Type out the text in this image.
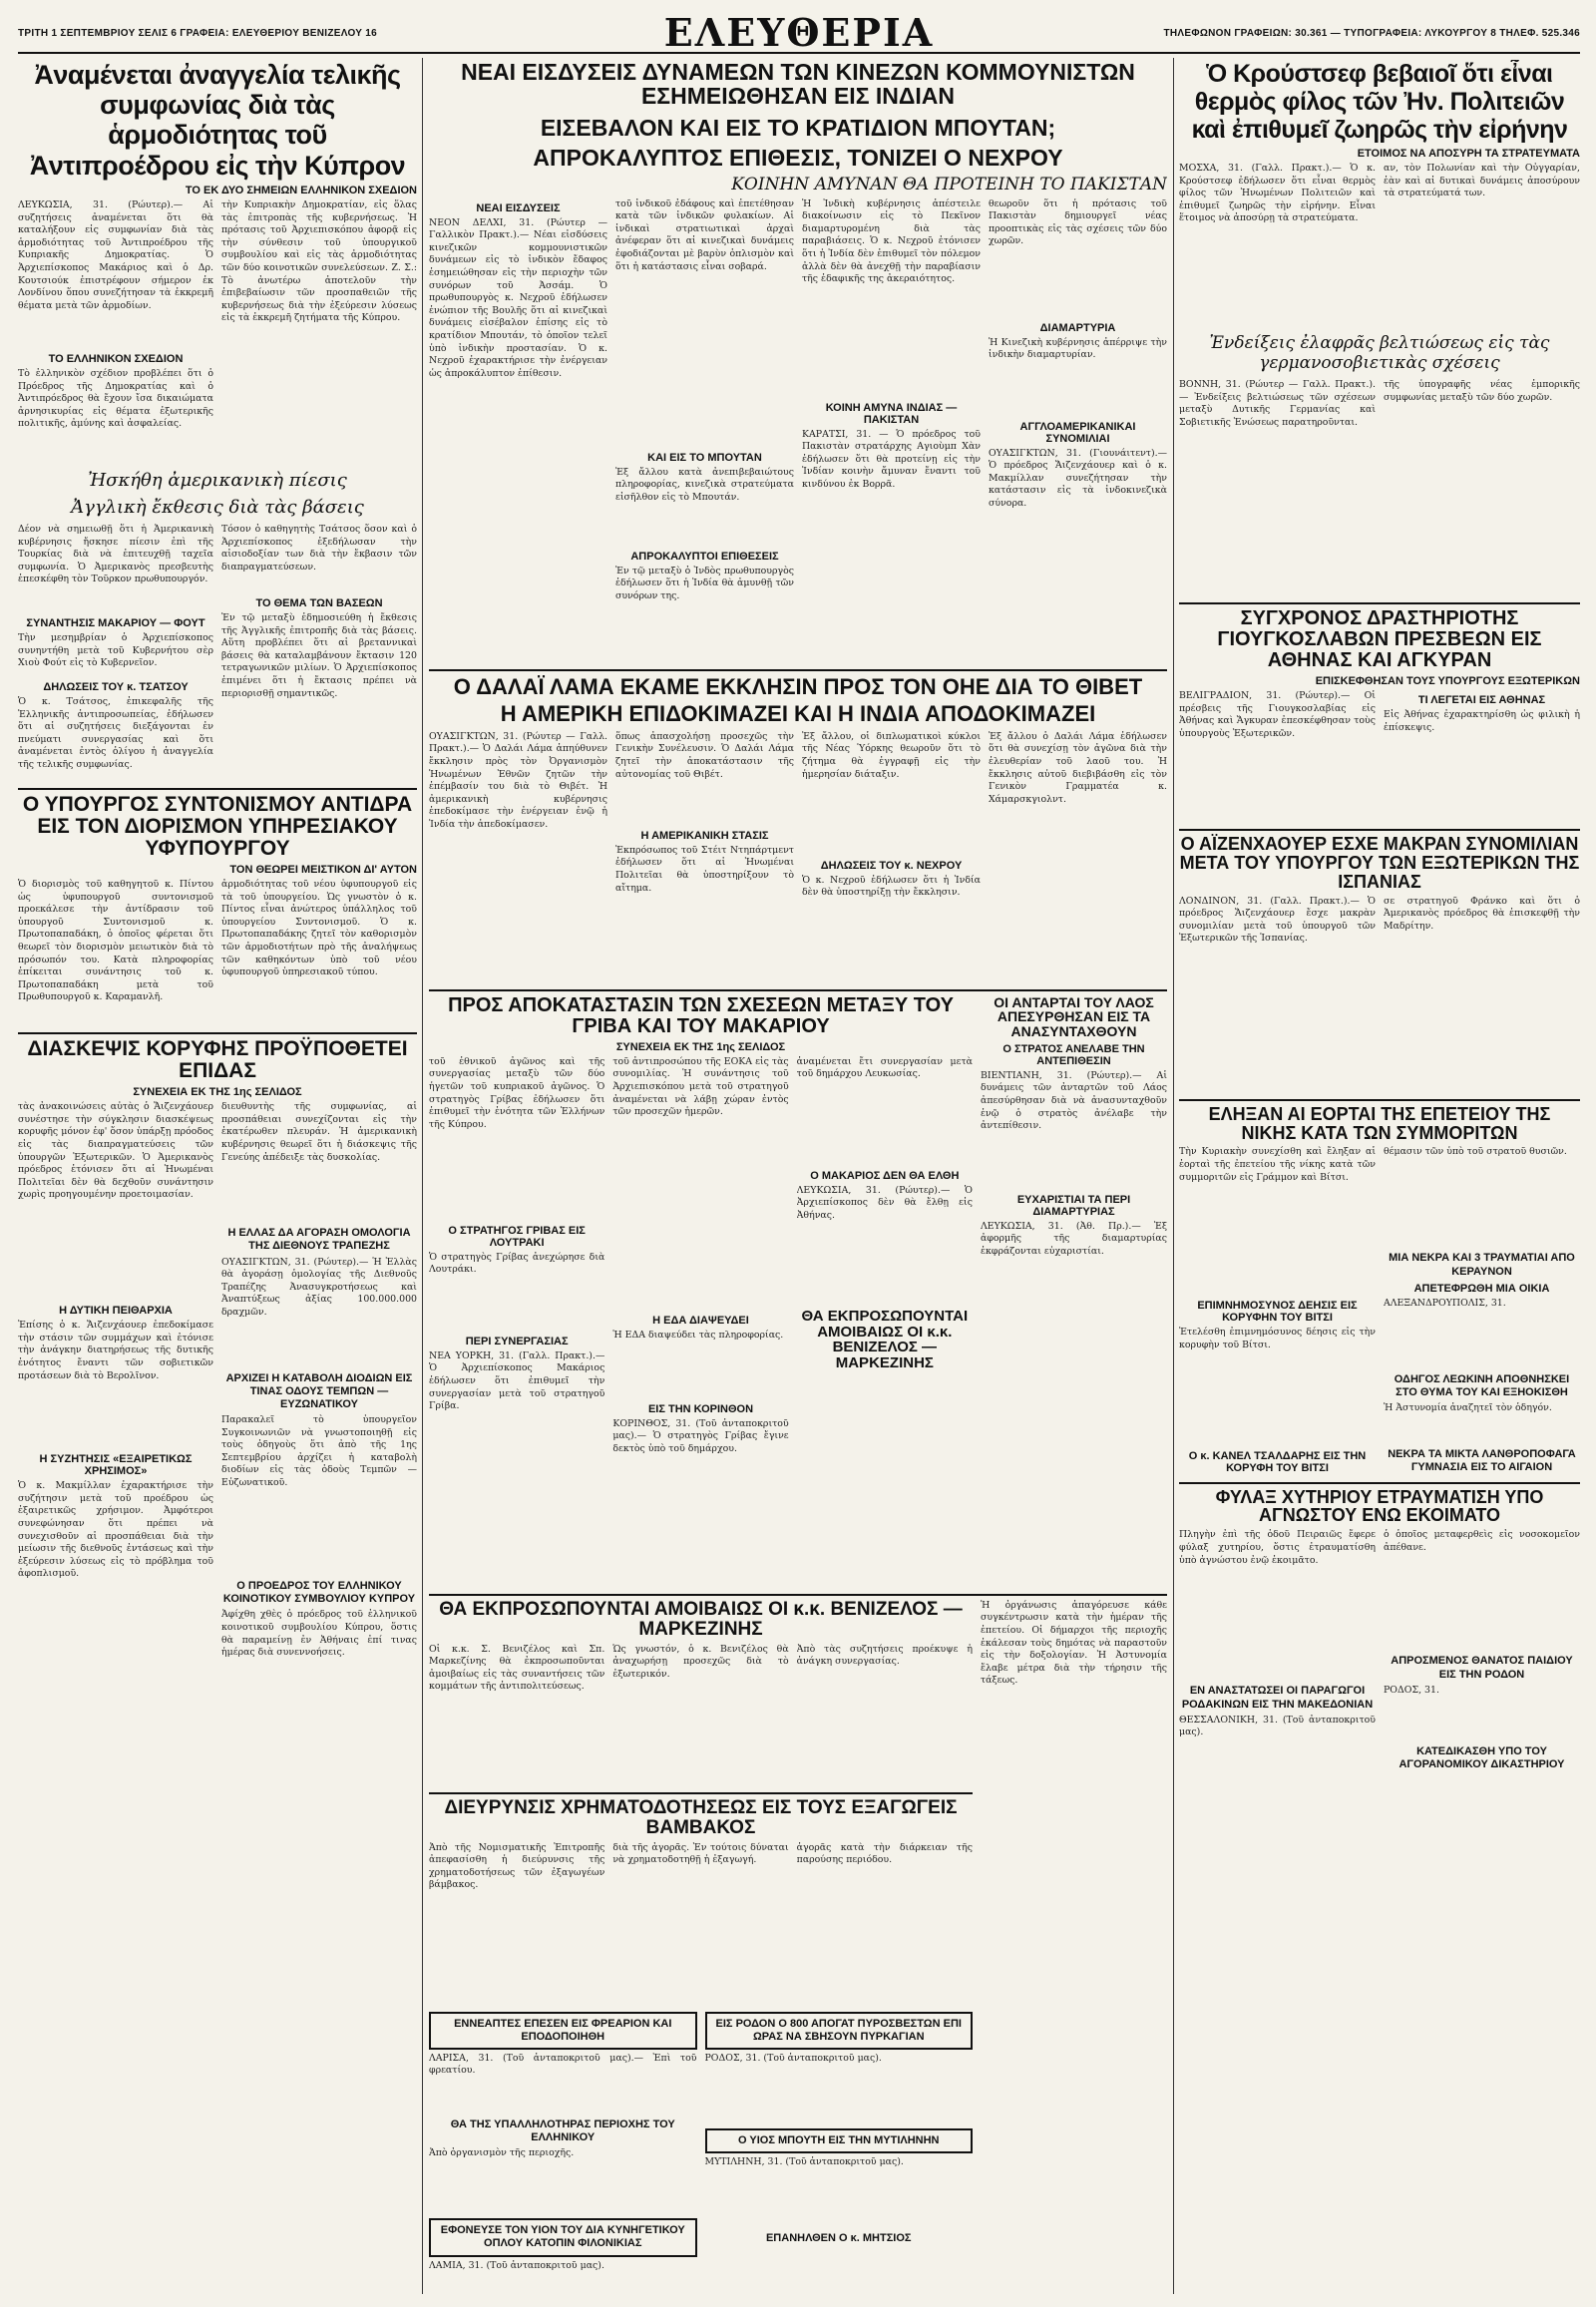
ΤΡΙΤΗ 1 ΣΕΠΤΕΜΒΡΙΟΥ ΣΕΛΙΣ 6 ΓΡΑΦΕΙΑ: ΕΛΕΥΘΕΡΙΟΥ ΒΕΝΙΖΕΛΟΥ 16	ΕΛΕΥΘΕΡΙΑ	ΤΗΛΕΦΩΝΟΝ ΓΡΑΦΕΙΩΝ: 30.361 — ΤΥΠΟΓΡΑΦΕΙΑ: ΛΥΚΟΥΡΓΟΥ 8 ΤΗΛΕΦ. 525.346

Ἀναμένεται ἀναγγελία τελικῆς συμφωνίας διὰ τὰς ἁρμοδιότητας τοῦ Ἀντιπροέδρου εἰς τὴν Κύπρον

ΤΟ ΕΚ ΔΥΟ ΣΗΜΕΙΩΝ ΕΛΛΗΝΙΚΟΝ ΣΧΕΔΙΟΝ

ΛΕΥΚΩΣΙΑ, 31. (Ρώυτερ).— Αἱ συζητήσεις ἀναμένεται ὅτι θὰ καταλήξουν εἰς συμφωνίαν διὰ τὰς ἁρμοδιότητας τοῦ Ἀντιπροέδρου τῆς Κυπριακῆς Δημοκρατίας. Ὁ Ἀρχιεπίσκοπος Μακάριος καὶ ὁ Δρ. Κουτσιούκ ἐπιστρέφουν σήμερον ἐκ Λονδίνου ὅπου συνεζήτησαν τὰ ἐκκρεμῆ θέματα μετὰ τῶν ἁρμοδίων.

ΤΟ ΕΛΛΗΝΙΚΟΝ ΣΧΕΔΙΟΝ

Τὸ ἑλληνικὸν σχέδιον προβλέπει ὅτι ὁ Πρόεδρος τῆς Δημοκρατίας καὶ ὁ Ἀντιπρόεδρος θὰ ἔχουν ἴσα δικαιώματα ἀρνησικυρίας εἰς θέματα ἐξωτερικῆς πολιτικῆς, ἀμύνης καὶ ἀσφαλείας.

τὴν Κυπριακὴν Δημοκρατίαν, εἰς ὅλας τὰς ἐπιτροπὰς τῆς κυβερνήσεως. Ἡ πρότασις τοῦ Ἀρχιεπισκόπου ἀφορᾷ εἰς τὴν σύνθεσιν τοῦ ὑπουργικοῦ συμβουλίου καὶ εἰς τὰς ἀρμοδιότητας τῶν δύο κοινοτικῶν συνελεύσεων. Ζ. Σ.: Τὸ ἀνωτέρω ἀποτελοῦν τὴν ἐπιβεβαίωσιν τῶν προσπαθειῶν τῆς κυβερνήσεως διὰ τὴν ἐξεύρεσιν λύσεως εἰς τὰ ἐκκρεμῆ ζητήματα τῆς Κύπρου.

Ἠσκήθη ἀμερικανικὴ πίεσις

Ἀγγλικὴ ἔκθεσις διὰ τὰς βάσεις

Δέον νὰ σημειωθῇ ὅτι ἡ Ἀμερικανικὴ κυβέρνησις ἤσκησε πίεσιν ἐπὶ τῆς Τουρκίας διὰ νὰ ἐπιτευχθῇ ταχεῖα συμφωνία. Ὁ Ἀμερικανὸς πρεσβευτὴς ἐπεσκέφθη τὸν Τοῦρκον πρωθυπουργόν.

ΣΥΝΑΝΤΗΣΙΣ ΜΑΚΑΡΙΟΥ — ΦΟΥΤ

Τὴν μεσημβρίαν ὁ Ἀρχιεπίσκοπος συνηντήθη μετὰ τοῦ Κυβερνήτου σὲρ Χιοὺ Φούτ εἰς τὸ Κυβερνεῖον.

ΔΗΛΩΣΕΙΣ ΤΟΥ κ. ΤΣΑΤΣΟΥ

Ὁ κ. Τσάτσος, ἐπικεφαλῆς τῆς Ἑλληνικῆς ἀντιπροσωπείας, ἐδήλωσεν ὅτι αἱ συζητήσεις διεξάγονται ἐν πνεύματι συνεργασίας καὶ ὅτι ἀναμένεται ἐντὸς ὀλίγου ἡ ἀναγγελία τῆς τελικῆς συμφωνίας.

Τόσον ὁ καθηγητὴς Τσάτσος ὅσον καὶ ὁ Ἀρχιεπίσκοπος ἐξεδήλωσαν τὴν αἰσιοδοξίαν των διὰ τὴν ἔκβασιν τῶν διαπραγματεύσεων.

ΤΟ ΘΕΜΑ ΤΩΝ ΒΑΣΕΩΝ

Ἐν τῷ μεταξὺ ἐδημοσιεύθη ἡ ἔκθεσις τῆς Ἀγγλικῆς ἐπιτροπῆς διὰ τὰς βάσεις. Αὕτη προβλέπει ὅτι αἱ βρεταννικαὶ βάσεις θὰ καταλαμβάνουν ἔκτασιν 120 τετραγωνικῶν μιλίων. Ὁ Ἀρχιεπίσκοπος ἐπιμένει ὅτι ἡ ἔκτασις πρέπει νὰ περιορισθῇ σημαντικῶς.

Ο ΥΠΟΥΡΓΟΣ ΣΥΝΤΟΝΙΣΜΟΥ ΑΝΤΙΔΡΑ ΕΙΣ ΤΟΝ ΔΙΟΡΙΣΜΟΝ ΥΠΗΡΕΣΙΑΚΟΥ ΥΦΥΠΟΥΡΓΟΥ

ΤΟΝ ΘΕΩΡΕΙ ΜΕΙΣΤΙΚΟΝ ΔΙ' ΑΥΤΟΝ

Ὁ διορισμὸς τοῦ καθηγητοῦ κ. Πίντου ὡς ὑφυπουργοῦ συντονισμοῦ προεκάλεσε τὴν ἀντίδρασιν τοῦ ὑπουργοῦ Συντονισμοῦ κ. Πρωτοπαπαδάκη, ὁ ὁποῖος φέρεται ὅτι θεωρεῖ τὸν διορισμὸν μειωτικὸν διὰ τὸ πρόσωπόν του. Κατὰ πληροφορίας ἐπίκειται συνάντησις τοῦ κ. Πρωτοπαπαδάκη μετὰ τοῦ Πρωθυπουργοῦ κ. Καραμανλῆ.

ἀρμοδιότητας τοῦ νέου ὑφυπουργοῦ εἰς τὰ τοῦ ὑπουργείου. Ὡς γνωστὸν ὁ κ. Πίντος εἶναι ἀνώτερος ὑπάλληλος τοῦ ὑπουργείου Συντονισμοῦ. Ὁ κ. Πρωτοπαπαδάκης ζητεῖ τὸν καθορισμὸν τῶν ἀρμοδιοτήτων πρὸ τῆς ἀναλήψεως τῶν καθηκόντων ὑπὸ τοῦ νέου ὑφυπουργοῦ ὑπηρεσιακοῦ τύπου.

ΔΙΑΣΚΕΨΙΣ ΚΟΡΥΦΗΣ ΠΡΟΫΠΟΘΕΤΕΙ ΕΠΙΔΑΣ

ΣΥΝΕΧΕΙΑ ΕΚ ΤΗΣ 1ης ΣΕΛΙΔΟΣ

τὰς ἀνακοινώσεις αὐτὰς ὁ Ἄιζενχάουερ συνέστησε τὴν σύγκλησιν διασκέψεως κορυφῆς μόνον ἐφ' ὅσον ὑπάρξῃ πρόοδος εἰς τὰς διαπραγματεύσεις τῶν ὑπουργῶν Ἐξωτερικῶν. Ὁ Ἀμερικανὸς πρόεδρος ἐτόνισεν ὅτι αἱ Ἡνωμέναι Πολιτεῖαι δὲν θὰ δεχθοῦν συνάντησιν χωρὶς προηγουμένην προετοιμασίαν.

Η ΔΥΤΙΚΗ ΠΕΙΘΑΡΧΙΑ

Ἐπίσης ὁ κ. Ἄιζενχάουερ ἐπεδοκίμασε τὴν στάσιν τῶν συμμάχων καὶ ἐτόνισε τὴν ἀνάγκην διατηρήσεως τῆς δυτικῆς ἑνότητος ἔναντι τῶν σοβιετικῶν προτάσεων διὰ τὸ Βερολῖνον.

Η ΣΥΖΗΤΗΣΙΣ «ΕΞΑΙΡΕΤΙΚΩΣ ΧΡΗΣΙΜΟΣ»

Ὁ κ. Μακμίλλαν ἐχαρακτήρισε τὴν συζήτησιν μετὰ τοῦ προέδρου ὡς ἐξαιρετικῶς χρήσιμον. Ἀμφότεροι συνεφώνησαν ὅτι πρέπει νὰ συνεχισθοῦν αἱ προσπάθειαι διὰ τὴν μείωσιν τῆς διεθνοῦς ἐντάσεως καὶ τὴν ἐξεύρεσιν λύσεως εἰς τὸ πρόβλημα τοῦ ἀφοπλισμοῦ.

διευθυντὴς τῆς συμφωνίας, αἱ προσπάθειαι συνεχίζονται εἰς τὴν ἑκατέρωθεν πλευράν. Ἡ ἀμερικανικὴ κυβέρνησις θεωρεῖ ὅτι ἡ διάσκεψις τῆς Γενεύης ἀπέδειξε τὰς δυσκολίας.

Η ΕΛΛΑΣ ΔΑ ΑΓΟΡΑΣΗ ΟΜΟΛΟΓΙΑ ΤΗΣ ΔΙΕΘΝΟΥΣ ΤΡΑΠΕΖΗΣ

ΟΥΑΣΙΓΚΤΩΝ, 31. (Ρώυτερ).— Ἡ Ἑλλὰς θὰ ἀγοράσῃ ὁμολογίας τῆς Διεθνοῦς Τραπέζης Ἀνασυγκροτήσεως καὶ Ἀναπτύξεως ἀξίας 100.000.000 δραχμῶν.

ΑΡΧΙΖΕΙ Η ΚΑΤΑΒΟΛΗ ΔΙΟΔΙΩΝ ΕΙΣ ΤΙΝΑΣ ΟΔΟΥΣ ΤΕΜΠΩΝ — ΕΥΖΩΝΑΤΙΚΟΥ

Παρακαλεῖ τὸ ὑπουργεῖον Συγκοινωνιῶν νὰ γνωστοποιηθῇ εἰς τοὺς ὁδηγοὺς ὅτι ἀπὸ τῆς 1ης Σεπτεμβρίου ἀρχίζει ἡ καταβολὴ διοδίων εἰς τὰς ὁδοὺς Τεμπῶν — Εὐζωνατικοῦ.

Ο ΠΡΟΕΔΡΟΣ ΤΟΥ ΕΛΛΗΝΙΚΟΥ ΚΟΙΝΟΤΙΚΟΥ ΣΥΜΒΟΥΛΙΟΥ ΚΥΠΡΟΥ

Ἀφίχθη χθὲς ὁ πρόεδρος τοῦ ἑλληνικοῦ κοινοτικοῦ συμβουλίου Κύπρου, ὅστις θὰ παραμείνῃ ἐν Ἀθήναις ἐπί τινας ἡμέρας διὰ συνεννοήσεις.

ΝΕΑΙ ΕΙΣΔΥΣΕΙΣ ΔΥΝΑΜΕΩΝ ΤΩΝ ΚΙΝΕΖΩΝ ΚΟΜΜΟΥΝΙΣΤΩΝ ΕΣΗΜΕΙΩΘΗΣΑΝ ΕΙΣ ΙΝΔΙΑΝ

ΕΙΣΕΒΑΛΟΝ ΚΑΙ ΕΙΣ ΤΟ ΚΡΑΤΙΔΙΟΝ ΜΠΟΥΤΑΝ;

ΑΠΡΟΚΑΛΥΠΤΟΣ ΕΠΙΘΕΣΙΣ, ΤΟΝΙΖΕΙ Ο ΝΕΧΡΟΥ

ΚΟΙΝΗΝ ΑΜΥΝΑΝ ΘΑ ΠΡΟΤΕΙΝΗ ΤΟ ΠΑΚΙΣΤΑΝ

ΝΕΑΙ ΕΙΣΔΥΣΕΙΣ

ΝΕΟΝ ΔΕΛΧΙ, 31. (Ρώυτερ — Γαλλικὸν Πρακτ.).— Νέαι εἰσδύσεις κινεζικῶν κομμουνιστικῶν δυνάμεων εἰς τὸ ἰνδικὸν ἔδαφος ἐσημειώθησαν εἰς τὴν περιοχὴν τῶν συνόρων τοῦ Ἀσσάμ. Ὁ πρωθυπουργὸς κ. Νεχροῦ ἐδήλωσεν ἐνώπιον τῆς Βουλῆς ὅτι αἱ κινεζικαὶ δυνάμεις εἰσέβαλον ἐπίσης εἰς τὸ κρατίδιον Μπουτάν, τὸ ὁποῖον τελεῖ ὑπὸ ἰνδικὴν προστασίαν. Ὁ κ. Νεχροῦ ἐχαρακτήρισε τὴν ἐνέργειαν ὡς ἀπροκάλυπτον ἐπίθεσιν.

τοῦ ἰνδικοῦ ἐδάφους καὶ ἐπετέθησαν κατὰ τῶν ἰνδικῶν φυλακίων. Αἱ ἰνδικαὶ στρατιωτικαὶ ἀρχαὶ ἀνέφεραν ὅτι αἱ κινεζικαὶ δυνάμεις ἐφοδιάζονται μὲ βαρὺν ὁπλισμὸν καὶ ὅτι ἡ κατάστασις εἶναι σοβαρά.

ΚΑΙ ΕΙΣ ΤΟ ΜΠΟΥΤΑΝ

Ἐξ ἄλλου κατὰ ἀνεπιβεβαιώτους πληροφορίας, κινεζικὰ στρατεύματα εἰσῆλθον εἰς τὸ Μπουτάν.

ΑΠΡΟΚΑΛΥΠΤΟΙ ΕΠΙΘΕΣΕΙΣ

Ἐν τῷ μεταξὺ ὁ Ἰνδὸς πρωθυπουργὸς ἐδήλωσεν ὅτι ἡ Ἰνδία θὰ ἀμυνθῇ τῶν συνόρων της.

Ἡ Ἰνδικὴ κυβέρνησις ἀπέστειλε διακοίνωσιν εἰς τὸ Πεκῖνον διαμαρτυρομένη διὰ τὰς παραβιάσεις. Ὁ κ. Νεχροῦ ἐτόνισεν ὅτι ἡ Ἰνδία δὲν ἐπιθυμεῖ τὸν πόλεμον ἀλλὰ δὲν θὰ ἀνεχθῇ τὴν παραβίασιν τῆς ἐδαφικῆς της ἀκεραιότητος.

ΚΟΙΝΗ ΑΜΥΝΑ ΙΝΔΙΑΣ — ΠΑΚΙΣΤΑΝ

ΚΑΡΑΤΣΙ, 31. — Ὁ πρόεδρος τοῦ Πακιστὰν στρατάρχης Αγιοὺμπ Χὰν ἐδήλωσεν ὅτι θὰ προτείνῃ εἰς τὴν Ἰνδίαν κοινὴν ἄμυναν ἔναντι τοῦ κινδύνου ἐκ Βορρᾶ.

θεωροῦν ὅτι ἡ πρότασις τοῦ Πακιστὰν δημιουργεῖ νέας προοπτικὰς εἰς τὰς σχέσεις τῶν δύο χωρῶν.

ΔΙΑΜΑΡΤΥΡΙΑ

Ἡ Κινεζικὴ κυβέρνησις ἀπέρριψε τὴν ἰνδικὴν διαμαρτυρίαν.

ΑΓΓΛΟΑΜΕΡΙΚΑΝΙΚΑΙ ΣΥΝΟΜΙΛΙΑΙ

ΟΥΑΣΙΓΚΤΩΝ, 31. (Γιουνάιτεντ).— Ὁ πρόεδρος Ἄιζενχάουερ καὶ ὁ κ. Μακμίλλαν συνεζήτησαν τὴν κατάστασιν εἰς τὰ ἰνδοκινεζικὰ σύνορα.

Ο ΔΑΛΑΪ ΛΑΜΑ ΕΚΑΜΕ ΕΚΚΛΗΣΙΝ ΠΡΟΣ ΤΟΝ ΟΗΕ ΔΙΑ ΤΟ ΘΙΒΕΤ

Η ΑΜΕΡΙΚΗ ΕΠΙΔΟΚΙΜΑΖΕΙ ΚΑΙ Η ΙΝΔΙΑ ΑΠΟΔΟΚΙΜΑΖΕΙ

ΟΥΑΣΙΓΚΤΩΝ, 31. (Ρώυτερ — Γαλλ. Πρακτ.).— Ὁ Δαλάι Λάμα ἀπηύθυνεν ἔκκλησιν πρὸς τὸν Ὀργανισμὸν Ἡνωμένων Ἐθνῶν ζητῶν τὴν ἐπέμβασίν του διὰ τὸ Θιβέτ. Ἡ ἀμερικανικὴ κυβέρνησις ἐπεδοκίμασε τὴν ἐνέργειαν ἐνῷ ἡ Ἰνδία τὴν ἀπεδοκίμασεν.

ὅπως ἀπασχολήσῃ προσεχῶς τὴν Γενικὴν Συνέλευσιν. Ὁ Δαλάι Λάμα ζητεῖ τὴν ἀποκατάστασιν τῆς αὐτονομίας τοῦ Θιβέτ.

Η ΑΜΕΡΙΚΑΝΙΚΗ ΣΤΑΣΙΣ

Ἐκπρόσωπος τοῦ Στέιτ Ντηπάρτμεντ ἐδήλωσεν ὅτι αἱ Ἡνωμέναι Πολιτεῖαι θὰ ὑποστηρίξουν τὸ αἴτημα.

Ἐξ ἄλλου, οἱ διπλωματικοὶ κύκλοι τῆς Νέας Ὑόρκης θεωροῦν ὅτι τὸ ζήτημα θὰ ἐγγραφῇ εἰς τὴν ἡμερησίαν διάταξιν.

ΔΗΛΩΣΕΙΣ ΤΟΥ κ. ΝΕΧΡΟΥ

Ὁ κ. Νεχροῦ ἐδήλωσεν ὅτι ἡ Ἰνδία δὲν θὰ ὑποστηρίξῃ τὴν ἔκκλησιν.

Ἐξ ἄλλου ὁ Δαλάι Λάμα ἐδήλωσεν ὅτι θὰ συνεχίσῃ τὸν ἀγῶνα διὰ τὴν ἐλευθερίαν τοῦ λαοῦ του. Ἡ ἔκκλησις αὐτοῦ διεβιβάσθη εἰς τὸν Γενικὸν Γραμματέα κ. Χάμαρσκγιολντ.

ΠΡΟΣ ΑΠΟΚΑΤΑΣΤΑΣΙΝ ΤΩΝ ΣΧΕΣΕΩΝ ΜΕΤΑΞΥ ΤΟΥ ΓΡΙΒΑ ΚΑΙ ΤΟΥ ΜΑΚΑΡΙΟΥ

ΣΥΝΕΧΕΙΑ ΕΚ ΤΗΣ 1ης ΣΕΛΙΔΟΣ

τοῦ ἐθνικοῦ ἀγῶνος καὶ τῆς συνεργασίας μεταξὺ τῶν δύο ἡγετῶν τοῦ κυπριακοῦ ἀγῶνος. Ὁ στρατηγὸς Γρίβας ἐδήλωσεν ὅτι ἐπιθυμεῖ τὴν ἑνότητα τῶν Ἑλλήνων τῆς Κύπρου.

Ο ΣΤΡΑΤΗΓΟΣ ΓΡΙΒΑΣ ΕΙΣ ΛΟΥΤΡΑΚΙ

Ὁ στρατηγὸς Γρίβας ἀνεχώρησε διὰ Λουτράκι.

ΠΕΡΙ ΣΥΝΕΡΓΑΣΙΑΣ

ΝΕΑ ΥΟΡΚΗ, 31. (Γαλλ. Πρακτ.).— Ὁ Ἀρχιεπίσκοπος Μακάριος ἐδήλωσεν ὅτι ἐπιθυμεῖ τὴν συνεργασίαν μετὰ τοῦ στρατηγοῦ Γρίβα.

τοῦ ἀντιπροσώπου τῆς ΕΟΚΑ εἰς τὰς συνομιλίας. Ἡ συνάντησις τοῦ Ἀρχιεπισκόπου μετὰ τοῦ στρατηγοῦ ἀναμένεται νὰ λάβῃ χώραν ἐντὸς τῶν προσεχῶν ἡμερῶν.

Η ΕΔΑ ΔΙΑΨΕΥΔΕΙ

Ἡ ΕΔΑ διαψεύδει τὰς πληροφορίας.

ΕΙΣ ΤΗΝ ΚΟΡΙΝΘΟΝ

ΚΟΡΙΝΘΟΣ, 31. (Τοῦ ἀνταποκριτοῦ μας).— Ὁ στρατηγὸς Γρίβας ἔγινε δεκτὸς ὑπὸ τοῦ δημάρχου.

ἀναμένεται ἔτι συνεργασίαν μετὰ τοῦ δημάρχου Λευκωσίας.

Ο ΜΑΚΑΡΙΟΣ ΔΕΝ ΘΑ ΕΛΘΗ

ΛΕΥΚΩΣΙΑ, 31. (Ρώυτερ).— Ὁ Ἀρχιεπίσκοπος δὲν θὰ ἔλθῃ εἰς Ἀθήνας.

ΘΑ ΕΚΠΡΟΣΩΠΟΥΝΤΑΙ ΑΜΟΙΒΑΙΩΣ ΟΙ κ.κ. ΒΕΝΙΖΕΛΟΣ — ΜΑΡΚΕΖΙΝΗΣ

ΟΙ ΑΝΤΑΡΤΑΙ ΤΟΥ ΛΑΟΣ ΑΠΕΣΥΡΘΗΣΑΝ ΕΙΣ ΤΑ ΑΝΑΣΥΝΤΑΧΘΟΥΝ

Ο ΣΤΡΑΤΟΣ ΑΝΕΛΑΒΕ ΤΗΝ ΑΝΤΕΠΙΘΕΣΙΝ

ΒΙΕΝΤΙΑΝΗ, 31. (Ρώυτερ).— Αἱ δυνάμεις τῶν ἀνταρτῶν τοῦ Λάος ἀπεσύρθησαν διὰ νὰ ἀνασυνταχθοῦν ἐνῷ ὁ στρατὸς ἀνέλαβε τὴν ἀντεπίθεσιν.

ΕΥΧΑΡΙΣΤΙΑΙ ΤΑ ΠΕΡΙ ΔΙΑΜΑΡΤΥΡΙΑΣ

ΛΕΥΚΩΣΙΑ, 31. (Ἀθ. Πρ.).— Ἐξ ἀφορμῆς τῆς διαμαρτυρίας ἐκφράζονται εὐχαριστίαι.

ΘΑ ΕΚΠΡΟΣΩΠΟΥΝΤΑΙ ΑΜΟΙΒΑΙΩΣ ΟΙ κ.κ. ΒΕΝΙΖΕΛΟΣ — ΜΑΡΚΕΖΙΝΗΣ

Οἱ κ.κ. Σ. Βενιζέλος καὶ Σπ. Μαρκεζίνης θὰ ἐκπροσωποῦνται ἀμοιβαίως εἰς τὰς συναντήσεις τῶν κομμάτων τῆς ἀντιπολιτεύσεως.

Ὡς γνωστόν, ὁ κ. Βενιζέλος θὰ ἀναχωρήσῃ προσεχῶς διὰ τὸ ἐξωτερικόν.

Ἀπὸ τὰς συζητήσεις προέκυψε ἡ ἀνάγκη συνεργασίας.

ΔΙΕΥΡΥΝΣΙΣ ΧΡΗΜΑΤΟΔΟΤΗΣΕΩΣ ΕΙΣ ΤΟΥΣ ΕΞΑΓΩΓΕΙΣ ΒΑΜΒΑΚΟΣ

Ἀπὸ τῆς Νομισματικῆς Ἐπιτροπῆς ἀπεφασίσθη ἡ διεύρυνσις τῆς χρηματοδοτήσεως τῶν ἐξαγωγέων βάμβακος.

διὰ τῆς ἀγορᾶς. Ἐν τούτοις δύναται νὰ χρηματοδοτηθῇ ἡ ἐξαγωγή.

ἀγορᾶς κατὰ τὴν διάρκειαν τῆς παρούσης περιόδου.

ΕΝΝΕΑΠΤΕΣ ΕΠΕΣΕΝ ΕΙΣ ΦΡΕΑΡΙΟΝ ΚΑΙ ΕΠΟΔΟΠΟΙΗΘΗ

ΛΑΡΙΣΑ, 31. (Τοῦ ἀνταποκριτοῦ μας).— Ἐπὶ τοῦ φρεατίου.

ΘΑ ΤΗΣ ΥΠΑΛΛΗΛΟΤΗΡΑΣ ΠΕΡΙΟΧΗΣ ΤΟΥ ΕΛΛΗΝΙΚΟΥ

Ἀπὸ ὀργανισμὸν τῆς περιοχῆς.

ΕΦΟΝΕΥΣΕ ΤΟΝ ΥΙΟΝ ΤΟΥ ΔΙΑ ΚΥΝΗΓΕΤΙΚΟΥ ΟΠΛΟΥ ΚΑΤΟΠΙΝ ΦΙΛΟΝΙΚΙΑΣ

ΛΑΜΙΑ, 31. (Τοῦ ἀνταποκριτοῦ μας).

ΕΙΣ ΡΟΔΟΝ Ο 800 ΑΠΟΓΑΤ ΠΥΡΟΣΒΕΣΤΩΝ ΕΠΙ ΩΡΑΣ ΝΑ ΣΒΗΣΟΥΝ ΠΥΡΚΑΓΙΑΝ

ΡΟΔΟΣ, 31. (Τοῦ ἀνταποκριτοῦ μας).

Ο ΥΙΟΣ ΜΠΟΥΤΗ ΕΙΣ ΤΗΝ ΜΥΤΙΛΗΝΗΝ

ΜΥΤΙΛΗΝΗ, 31. (Τοῦ ἀνταποκριτοῦ μας).

ΕΠΑΝΗΛΘΕΝ Ο κ. ΜΗΤΣΙΟΣ

Ἡ ὀργάνωσις ἀπαγόρευσε κάθε συγκέντρωσιν κατὰ τὴν ἡμέραν τῆς ἐπετείου. Οἱ δήμαρχοι τῆς περιοχῆς ἐκάλεσαν τοὺς δημότας νὰ παραστοῦν εἰς τὴν δοξολογίαν. Ἡ Ἀστυνομία ἔλαβε μέτρα διὰ τὴν τήρησιν τῆς τάξεως.

Ὁ Κρούστσεφ βεβαιοῖ ὅτι εἶναι θερμὸς φίλος τῶν Ἠν. Πολιτειῶν καὶ ἐπιθυμεῖ ζωηρῶς τὴν εἰρήνην

ΕΤΟΙΜΟΣ ΝΑ ΑΠΟΣΥΡΗ ΤΑ ΣΤΡΑΤΕΥΜΑΤΑ

ΜΟΣΧΑ, 31. (Γαλλ. Πρακτ.).— Ὁ κ. Κρούστσεφ ἐδήλωσεν ὅτι εἶναι θερμὸς φίλος τῶν Ἡνωμένων Πολιτειῶν καὶ ἐπιθυμεῖ ζωηρῶς τὴν εἰρήνην. Εἶναι ἕτοιμος νὰ ἀποσύρῃ τὰ στρατεύματα.

αν, τὸν Πολωνίαν καὶ τὴν Οὐγγαρίαν, ἐὰν καὶ αἱ δυτικαὶ δυνάμεις ἀποσύρουν τὰ στρατεύματά των.

Ἐνδείξεις ἐλαφρᾶς βελτιώσεως εἰς τὰς γερμανοσοβιετικὰς σχέσεις

ΒΟΝΝΗ, 31. (Ρώυτερ — Γαλλ. Πρακτ.).— Ἐνδείξεις βελτιώσεως τῶν σχέσεων μεταξὺ Δυτικῆς Γερμανίας καὶ Σοβιετικῆς Ἑνώσεως παρατηροῦνται.

τῆς ὑπογραφῆς νέας ἐμπορικῆς συμφωνίας μεταξὺ τῶν δύο χωρῶν.

ΣΥΓΧΡΟΝΟΣ ΔΡΑΣΤΗΡΙΟΤΗΣ ΓΙΟΥΓΚΟΣΛΑΒΩΝ ΠΡΕΣΒΕΩΝ ΕΙΣ ΑΘΗΝΑΣ ΚΑΙ ΑΓΚΥΡΑΝ

ΕΠΙΣΚΕΦΘΗΣΑΝ ΤΟΥΣ ΥΠΟΥΡΓΟΥΣ ΕΞΩΤΕΡΙΚΩΝ

ΒΕΛΙΓΡΑΔΙΟΝ, 31. (Ρώυτερ).— Οἱ πρέσβεις τῆς Γιουγκοσλαβίας εἰς Ἀθήνας καὶ Ἄγκυραν ἐπεσκέφθησαν τοὺς ὑπουργοὺς Ἐξωτερικῶν.

ΤΙ ΛΕΓΕΤΑΙ ΕΙΣ ΑΘΗΝΑΣ

Εἰς Ἀθήνας ἐχαρακτηρίσθη ὡς φιλικὴ ἡ ἐπίσκεψις.

Ο ΑΪΖΕΝΧΑΟΥΕΡ ΕΣΧΕ ΜΑΚΡΑΝ ΣΥΝΟΜΙΛΙΑΝ ΜΕΤΑ ΤΟΥ ΥΠΟΥΡΓΟΥ ΤΩΝ ΕΞΩΤΕΡΙΚΩΝ ΤΗΣ ΙΣΠΑΝΙΑΣ

ΛΟΝΔΙΝΟΝ, 31. (Γαλλ. Πρακτ.).— Ὁ πρόεδρος Ἄιζενχάουερ ἔσχε μακρὰν συνομιλίαν μετὰ τοῦ ὑπουργοῦ τῶν Ἐξωτερικῶν τῆς Ἱσπανίας.

σε στρατηγοῦ Φράνκο καὶ ὅτι ὁ Ἀμερικανὸς πρόεδρος θὰ ἐπισκεφθῇ τὴν Μαδρίτην.

ΕΛΗΞΑΝ ΑΙ ΕΟΡΤΑΙ ΤΗΣ ΕΠΕΤΕΙΟΥ ΤΗΣ ΝΙΚΗΣ ΚΑΤΑ ΤΩΝ ΣΥΜΜΟΡΙΤΩΝ

Τὴν Κυριακὴν συνεχίσθη καὶ ἔληξαν αἱ ἑορταὶ τῆς ἐπετείου τῆς νίκης κατὰ τῶν συμμοριτῶν εἰς Γράμμον καὶ Βίτσι.

ΕΠΙΜΝΗΜΟΣΥΝΟΣ ΔΕΗΣΙΣ ΕΙΣ ΚΟΡΥΦΗΝ ΤΟΥ ΒΙΤΣΙ

Ἐτελέσθη ἐπιμνημόσυνος δέησις εἰς τὴν κορυφὴν τοῦ Βίτσι.

Ο κ. ΚΑΝΕΛ ΤΣΑΛΔΑΡΗΣ ΕΙΣ ΤΗΝ ΚΟΡΥΦΗ ΤΟΥ ΒΙΤΣΙ

θέμασιν τῶν ὑπὸ τοῦ στρατοῦ θυσιῶν.

ΜΙΑ ΝΕΚΡΑ ΚΑΙ 3 ΤΡΑΥΜΑΤΙΑΙ ΑΠΟ ΚΕΡΑΥΝΟΝ
ΑΠΕΤΕΦΡΩΘΗ ΜΙΑ ΟΙΚΙΑ

ΑΛΕΞΑΝΔΡΟΥΠΟΛΙΣ, 31.

ΟΔΗΓΟΣ ΛΕΩΚΙΝΗ ΑΠΟΘΝΗΣΚΕΙ ΣΤΟ ΘΥΜΑ ΤΟΥ ΚΑΙ ΕΞΗΟΚΙΣΘΗ

Ἡ Ἀστυνομία ἀναζητεῖ τὸν ὁδηγόν.

ΝΕΚΡΑ ΤΑ ΜΙΚΤΑ ΛΑΝΘΡΟΠΟΦΑΓΑ ΓΥΜΝΑΣΙΑ ΕΙΣ ΤΟ ΑΙΓΑΙΟΝ

ΦΥΛΑΞ ΧΥΤΗΡΙΟΥ ΕΤΡΑΥΜΑΤΙΣΗ ΥΠΟ ΑΓΝΩΣΤΟΥ ΕΝΩ ΕΚΟΙΜΑΤΟ

Πληγὴν ἐπὶ τῆς ὁδοῦ Πειραιῶς ἔφερε φύλαξ χυτηρίου, ὅστις ἐτραυματίσθη ὑπὸ ἀγνώστου ἐνῷ ἐκοιμᾶτο.

ΕΝ ΑΝΑΣΤΑΤΩΣΕΙ ΟΙ ΠΑΡΑΓΩΓΟΙ ΡΟΔΑΚΙΝΩΝ ΕΙΣ ΤΗΝ ΜΑΚΕΔΟΝΙΑΝ

ΘΕΣΣΑΛΟΝΙΚΗ, 31. (Τοῦ ἀνταποκριτοῦ μας).

ὁ ὁποῖος μεταφερθεὶς εἰς νοσοκομεῖον ἀπέθανε.

ΑΠΡΟΣΜΕΝΟΣ ΘΑΝΑΤΟΣ ΠΑΙΔΙΟΥ ΕΙΣ ΤΗΝ ΡΟΔΟΝ

ΡΟΔΟΣ, 31.

ΚΑΤΕΔΙΚΑΣΘΗ ΥΠΟ ΤΟΥ ΑΓΟΡΑΝΟΜΙΚΟΥ ΔΙΚΑΣΤΗΡΙΟΥ
